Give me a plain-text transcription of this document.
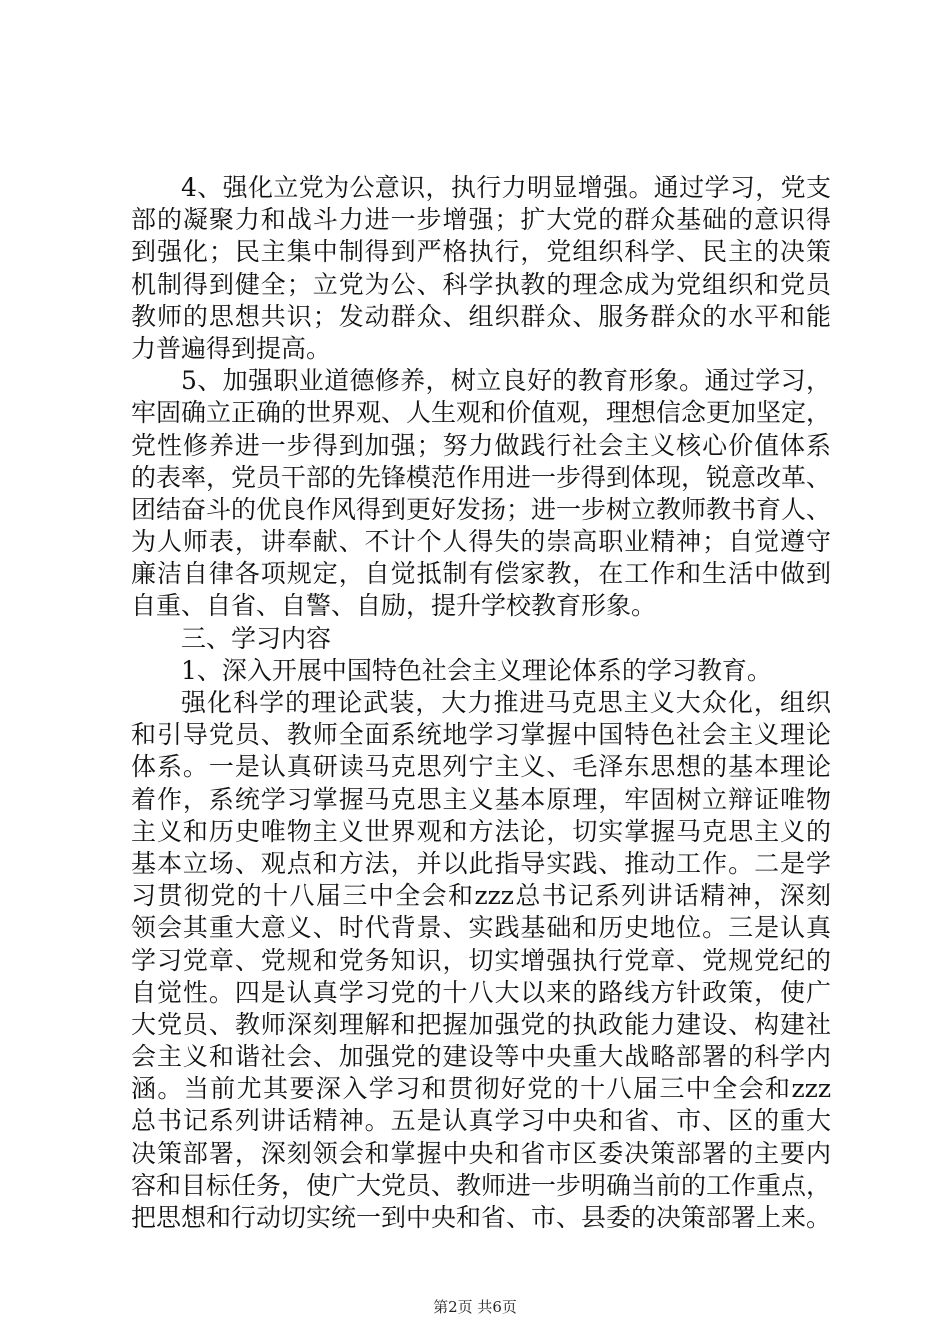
4、强化立党为公意识，执行力明显增强。通过学习，党支
部的凝聚力和战斗力进一步增强；扩大党的群众基础的意识得
到强化；民主集中制得到严格执行，党组织科学、民主的决策
机制得到健全；立党为公、科学执教的理念成为党组织和党员
教师的思想共识；发动群众、组织群众、服务群众的水平和能
力普遍得到提高。
5、加强职业道德修养，树立良好的教育形象。通过学习，
牢固确立正确的世界观、人生观和价值观，理想信念更加坚定，
党性修养进一步得到加强；努力做践行社会主义核心价值体系
的表率，党员干部的先锋模范作用进一步得到体现，锐意改革、
团结奋斗的优良作风得到更好发扬；进一步树立教师教书育人、
为人师表，讲奉献、不计个人得失的崇高职业精神；自觉遵守
廉洁自律各项规定，自觉抵制有偿家教，在工作和生活中做到
自重、自省、自警、自励，提升学校教育形象。
三、学习内容
1、深入开展中国特色社会主义理论体系的学习教育。
强化科学的理论武装，大力推进马克思主义大众化，组织
和引导党员、教师全面系统地学习掌握中国特色社会主义理论
体系。一是认真研读马克思列宁主义、毛泽东思想的基本理论
着作，系统学习掌握马克思主义基本原理，牢固树立辩证唯物
主义和历史唯物主义世界观和方法论，切实掌握马克思主义的
基本立场、观点和方法，并以此指导实践、推动工作。二是学
习贯彻党的十八届三中全会和zzz总书记系列讲话精神，深刻
领会其重大意义、时代背景、实践基础和历史地位。三是认真
学习党章、党规和党务知识，切实增强执行党章、党规党纪的
自觉性。四是认真学习党的十八大以来的路线方针政策，使广
大党员、教师深刻理解和把握加强党的执政能力建设、构建社
会主义和谐社会、加强党的建设等中央重大战略部署的科学内
涵。当前尤其要深入学习和贯彻好党的十八届三中全会和zzz
总书记系列讲话精神。五是认真学习中央和省、市、区的重大
决策部署，深刻领会和掌握中央和省市区委决策部署的主要内
容和目标任务，使广大党员、教师进一步明确当前的工作重点，
把思想和行动切实统一到中央和省、市、县委的决策部署上来。
第2页 共6页
